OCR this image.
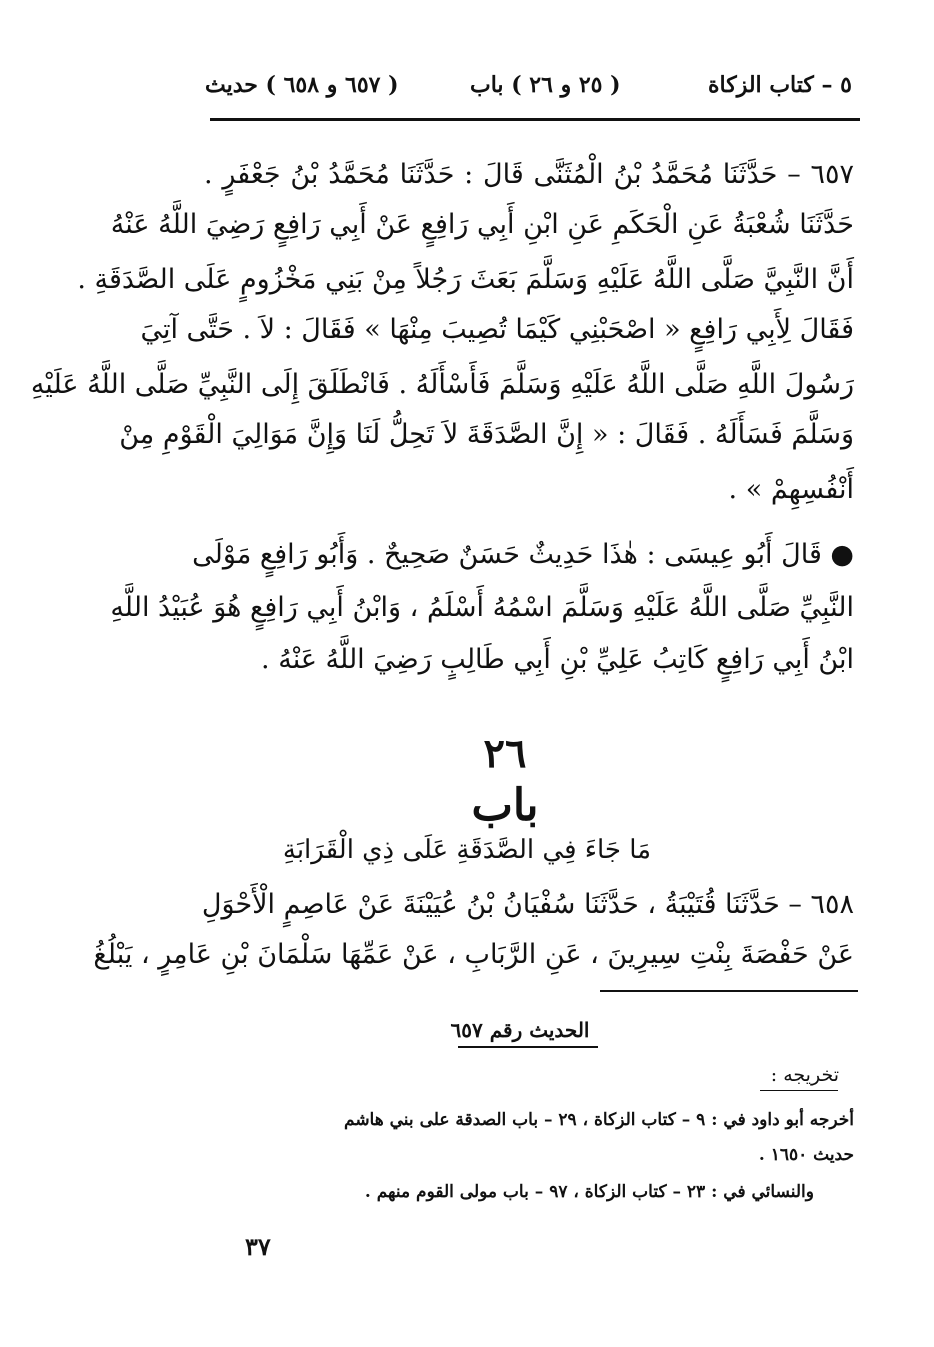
٥ – كتاب الزكاة
( ٢٥ و ٢٦ ) باب
( ٦٥٧ و ٦٥٨ ) حديث
٦٥٧ – حَدَّثَنَا مُحَمَّدُ بْنُ الْمُثَنَّى قَالَ : حَدَّثَنَا مُحَمَّدُ بْنُ جَعْفَرٍ .
حَدَّثَنَا شُعْبَةُ عَنِ الْحَكَمِ عَنِ ابْنِ أَبِي رَافِعٍ عَنْ أَبِي رَافِعٍ رَضِيَ اللَّهُ عَنْهُ
أَنَّ النَّبِيَّ صَلَّى اللَّهُ عَلَيْهِ وَسَلَّمَ بَعَثَ رَجُلاً مِنْ بَنِي مَخْزُومٍ عَلَى الصَّدَقَةِ .
فَقَالَ لِأَبِي رَافِعٍ « اصْحَبْنِي كَيْمَا تُصِيبَ مِنْهَا » فَقَالَ : لاَ . حَتَّى آتِيَ
رَسُولَ اللَّهِ صَلَّى اللَّهُ عَلَيْهِ وَسَلَّمَ فَأَسْأَلَهُ . فَانْطَلَقَ إِلَى النَّبِيِّ صَلَّى اللَّهُ عَلَيْهِ
وَسَلَّمَ فَسَأَلَهُ . فَقَالَ : « إِنَّ الصَّدَقَةَ لاَ تَحِلُّ لَنَا وَإِنَّ مَوَالِيَ الْقَوْمِ مِنْ
أَنْفُسِهِمْ » .
● قَالَ أَبُو عِيسَى : هٰذَا حَدِيثٌ حَسَنٌ صَحِيحٌ . وَأَبُو رَافِعٍ مَوْلَى
النَّبِيِّ صَلَّى اللَّهُ عَلَيْهِ وَسَلَّمَ اسْمُهُ أَسْلَمُ ، وَابْنُ أَبِي رَافِعٍ هُوَ عُبَيْدُ اللَّهِ
ابْنُ أَبِي رَافِعٍ كَاتِبُ عَلِيِّ بْنِ أَبِي طَالِبٍ رَضِيَ اللَّهُ عَنْهُ .
٢٦
باب
مَا جَاءَ فِي الصَّدَقَةِ عَلَى ذِي الْقَرَابَةِ
٦٥٨ – حَدَّثَنَا قُتَيْبَةُ ، حَدَّثَنَا سُفْيَانُ بْنُ عُيَيْنَةَ عَنْ عَاصِمٍ الْأَحْوَلِ
عَنْ حَفْصَةَ بِنْتِ سِيرِينَ ، عَنِ الرَّبَابِ ، عَنْ عَمِّهَا سَلْمَانَ بْنِ عَامِرٍ ، يَبْلُغُ
الحديث رقم ٦٥٧
تخريجه :
أخرجه أبو داود في : ٩ – كتاب الزكاة ، ٢٩ – باب الصدقة على بني هاشم
حديث ١٦٥٠ .
والنسائي في : ٢٣ – كتاب الزكاة ، ٩٧ – باب مولى القوم منهم .
٣٧
